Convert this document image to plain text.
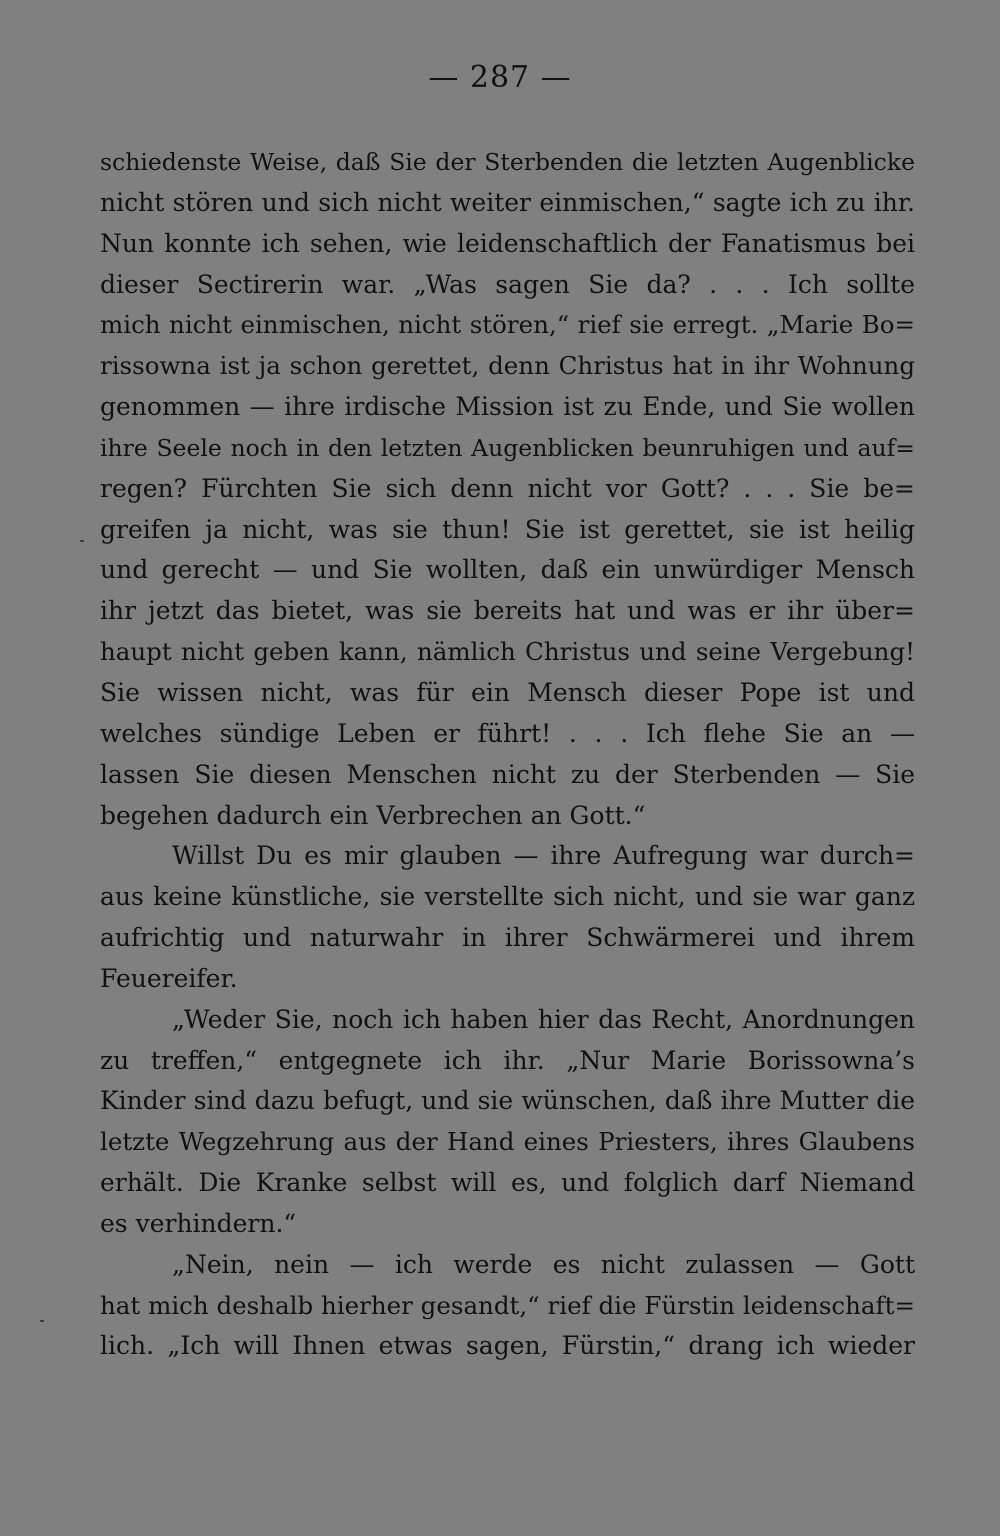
— 287 —
schiedenste Weise, daß Sie der Sterbenden die letzten Augenblicke
nicht stören und sich nicht weiter einmischen,“ sagte ich zu ihr.
Nun konnte ich sehen, wie leidenschaftlich der Fanatismus bei
dieser Sectirerin war. „Was sagen Sie da? . . . Ich sollte
mich nicht einmischen, nicht stören,“ rief sie erregt. „Marie Bo=
rissowna ist ja schon gerettet, denn Christus hat in ihr Wohnung
genommen — ihre irdische Mission ist zu Ende, und Sie wollen
ihre Seele noch in den letzten Augenblicken beunruhigen und auf=
regen? Fürchten Sie sich denn nicht vor Gott? . . . Sie be=
greifen ja nicht, was sie thun! Sie ist gerettet, sie ist heilig
und gerecht — und Sie wollten, daß ein unwürdiger Mensch
ihr jetzt das bietet, was sie bereits hat und was er ihr über=
haupt nicht geben kann, nämlich Christus und seine Vergebung!
Sie wissen nicht, was für ein Mensch dieser Pope ist und
welches sündige Leben er führt! . . . Ich flehe Sie an —
lassen Sie diesen Menschen nicht zu der Sterbenden — Sie
begehen dadurch ein Verbrechen an Gott.“
Willst Du es mir glauben — ihre Aufregung war durch=
aus keine künstliche, sie verstellte sich nicht, und sie war ganz
aufrichtig und naturwahr in ihrer Schwärmerei und ihrem
Feuereifer.
„Weder Sie, noch ich haben hier das Recht, Anordnungen
zu treffen,“ entgegnete ich ihr. „Nur Marie Borissowna’s
Kinder sind dazu befugt, und sie wünschen, daß ihre Mutter die
letzte Wegzehrung aus der Hand eines Priesters, ihres Glaubens
erhält. Die Kranke selbst will es, und folglich darf Niemand
es verhindern.“
„Nein, nein — ich werde es nicht zulassen — Gott
hat mich deshalb hierher gesandt,“ rief die Fürstin leidenschaft=
lich. „Ich will Ihnen etwas sagen, Fürstin,“ drang ich wieder
